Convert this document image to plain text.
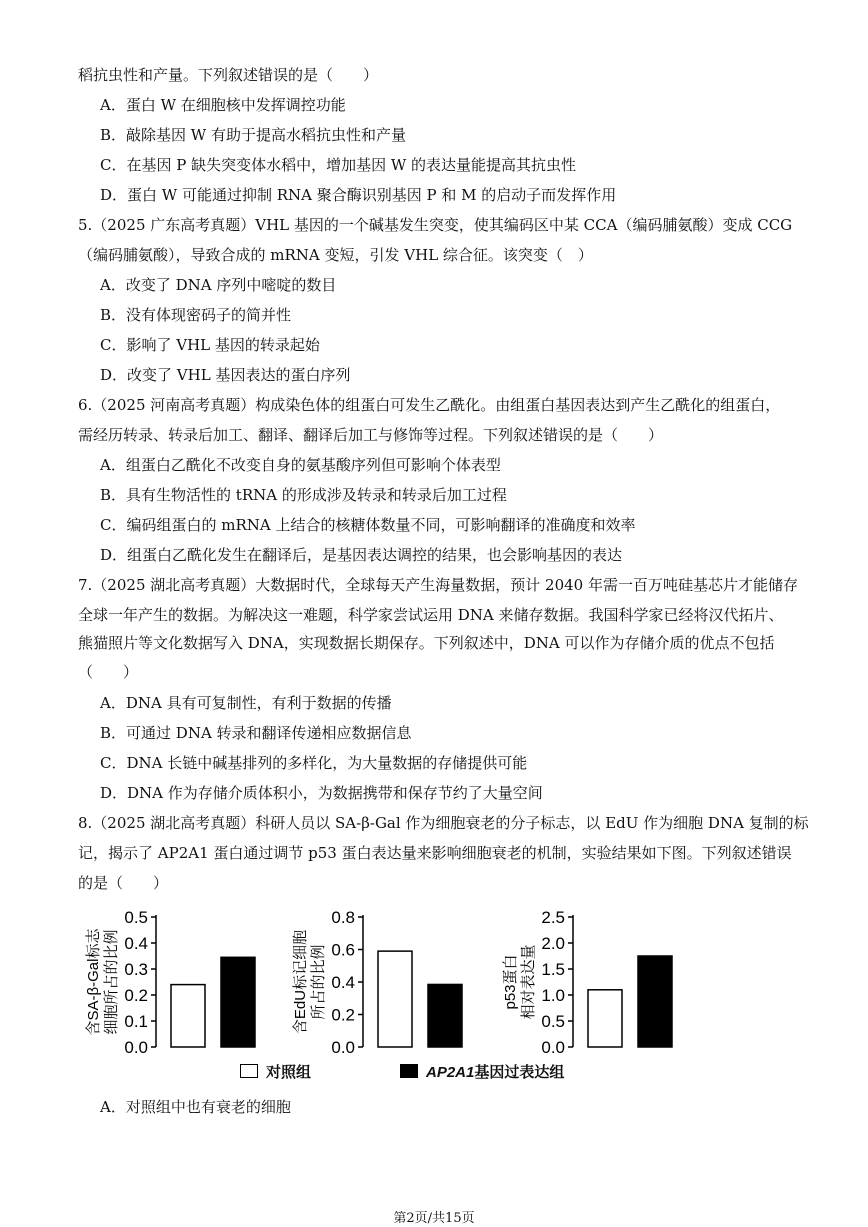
稻抗虫性和产量。下列叙述错误的是（　　）
A．蛋白 W 在细胞核中发挥调控功能
B．敲除基因 W 有助于提高水稻抗虫性和产量
C．在基因 P 缺失突变体水稻中，增加基因 W 的表达量能提高其抗虫性
D．蛋白 W 可能通过抑制 RNA 聚合酶识别基因 P 和 M 的启动子而发挥作用
5.（2025 广东高考真题）VHL 基因的一个碱基发生突变，使其编码区中某 CCA（编码脯氨酸）变成 CCG
（编码脯氨酸），导致合成的 mRNA 变短，引发 VHL 综合征。该突变（　）
A．改变了 DNA 序列中嘧啶的数目
B．没有体现密码子的简并性
C．影响了 VHL 基因的转录起始
D．改变了 VHL 基因表达的蛋白序列
6.（2025 河南高考真题）构成染色体的组蛋白可发生乙酰化。由组蛋白基因表达到产生乙酰化的组蛋白，
需经历转录、转录后加工、翻译、翻译后加工与修饰等过程。下列叙述错误的是（　　）
A．组蛋白乙酰化不改变自身的氨基酸序列但可影响个体表型
B．具有生物活性的 tRNA 的形成涉及转录和转录后加工过程
C．编码组蛋白的 mRNA 上结合的核糖体数量不同，可影响翻译的准确度和效率
D．组蛋白乙酰化发生在翻译后，是基因表达调控的结果，也会影响基因的表达
7.（2025 湖北高考真题）大数据时代，全球每天产生海量数据，预计 2040 年需一百万吨硅基芯片才能储存
全球一年产生的数据。为解决这一难题，科学家尝试运用 DNA 来储存数据。我国科学家已经将汉代拓片、
熊猫照片等文化数据写入 DNA，实现数据长期保存。下列叙述中，DNA 可以作为存储介质的优点不包括
（　　）
A．DNA 具有可复制性，有利于数据的传播
B．可通过 DNA 转录和翻译传递相应数据信息
C．DNA 长链中碱基排列的多样化，为大量数据的存储提供可能
D．DNA 作为存储介质体积小，为数据携带和保存节约了大量空间
8.（2025 湖北高考真题）科研人员以 SA-β-Gal 作为细胞衰老的分子标志，以 EdU 作为细胞 DNA 复制的标
记，揭示了 AP2A1 蛋白通过调节 p53 蛋白表达量来影响细胞衰老的机制，实验结果如下图。下列叙述错误
的是（　　）
A．对照组中也有衰老的细胞
含SA-β-Gal标志 细胞所占的比例
0.0
0.1
0.2
0.3
0.4
0.5
含EdU标记细胞 所占的比例
0.0
0.2
0.4
0.6
0.8
p53蛋白 相对表达量
0.0
0.5
1.0
1.5
2.0
2.5
对照组	AP2A1基因过表达组
第2页/共15页
